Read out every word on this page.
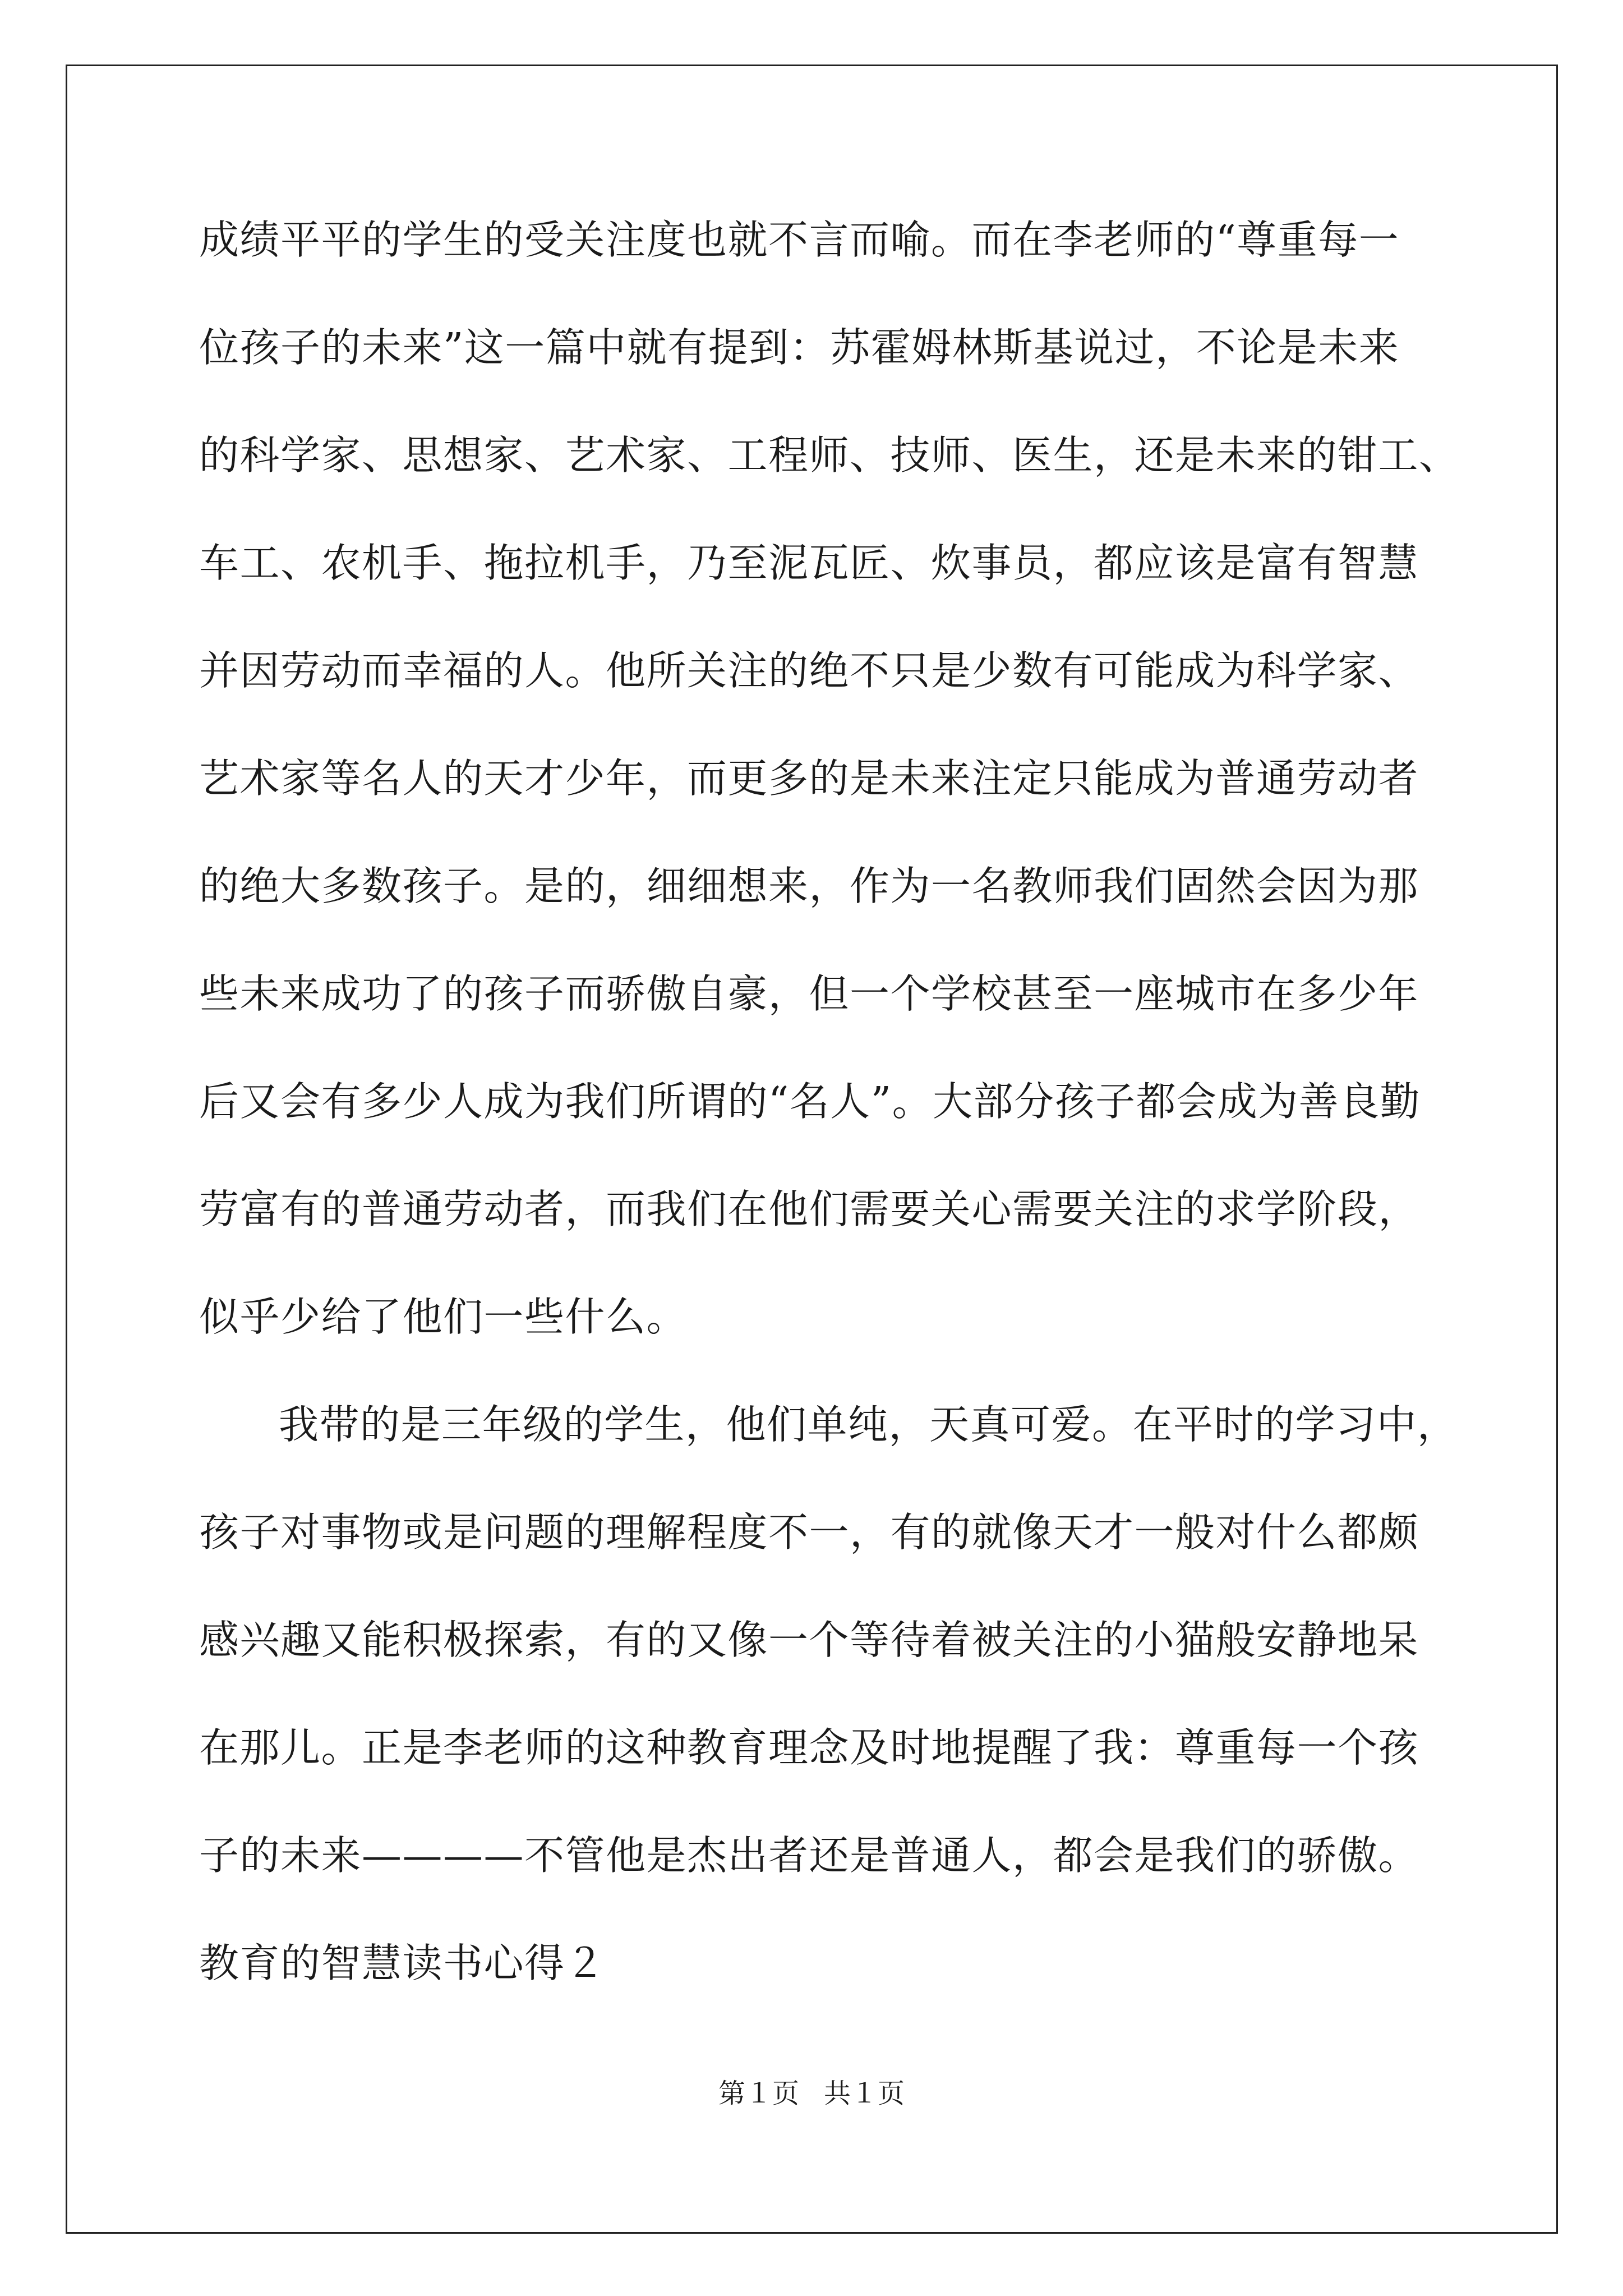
成绩平平的学生的受关注度也就不言而喻。而在李老师的“尊重每一
位孩子的未来”这一篇中就有提到：苏霍姆林斯基说过，不论是未来
的科学家、思想家、艺术家、工程师、技师、医生，还是未来的钳工、
车工、农机手、拖拉机手，乃至泥瓦匠、炊事员，都应该是富有智慧
并因劳动而幸福的人。他所关注的绝不只是少数有可能成为科学家、
艺术家等名人的天才少年，而更多的是未来注定只能成为普通劳动者
的绝大多数孩子。是的，细细想来，作为一名教师我们固然会因为那
些未来成功了的孩子而骄傲自豪，但一个学校甚至一座城市在多少年
后又会有多少人成为我们所谓的“名人”。大部分孩子都会成为善良勤
劳富有的普通劳动者，而我们在他们需要关心需要关注的求学阶段，
似乎少给了他们一些什么。
我带的是三年级的学生，他们单纯，天真可爱。在平时的学习中，
孩子对事物或是问题的理解程度不一，有的就像天才一般对什么都颇
感兴趣又能积极探索，有的又像一个等待着被关注的小猫般安静地呆
在那儿。正是李老师的这种教育理念及时地提醒了我：尊重每一个孩
子的未来————不管他是杰出者还是普通人，都会是我们的骄傲。
教育的智慧读书心得２
第１页 共１页
